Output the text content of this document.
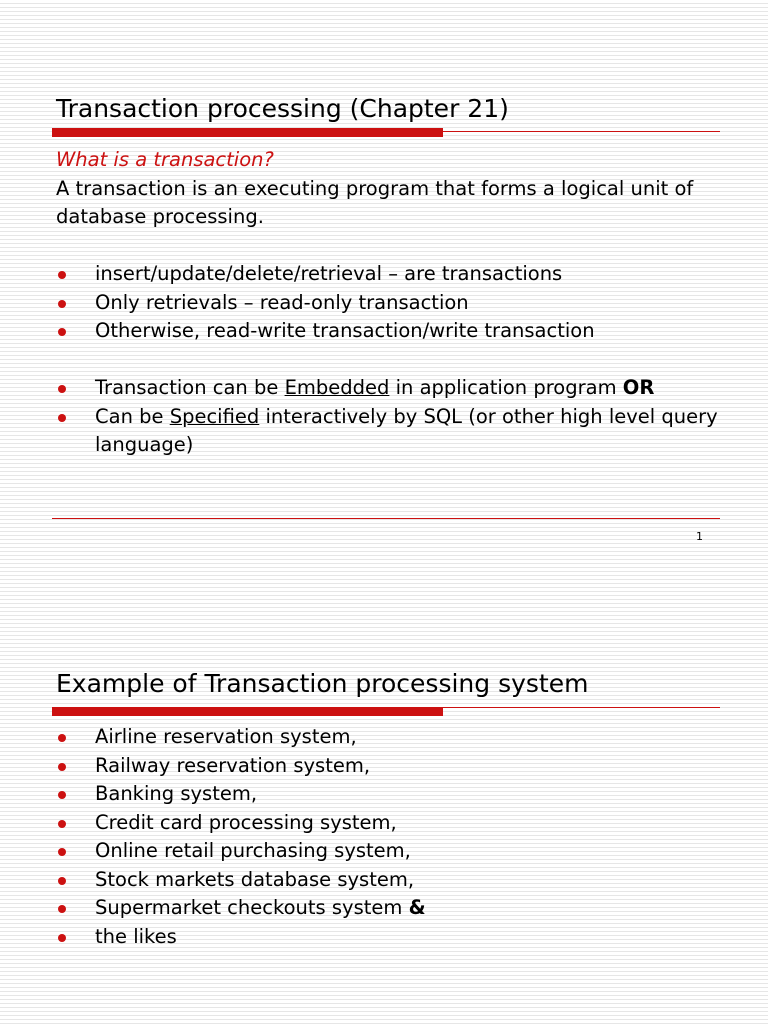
Transaction processing (Chapter 21)
What is a transaction?

A transaction is an executing program that forms a logical unit of database processing.

insert/update/delete/retrieval – are transactions
Only retrievals – read-only transaction
Otherwise, read-write transaction/write transaction
Transaction can be Embedded in application program OR
Can be Specified interactively by SQL (or other high level query language)
1
Example of Transaction processing system
Airline reservation system,
Railway reservation system,
Banking system,
Credit card processing system,
Online retail purchasing system,
Stock markets database system,
Supermarket checkouts system &
the likes
